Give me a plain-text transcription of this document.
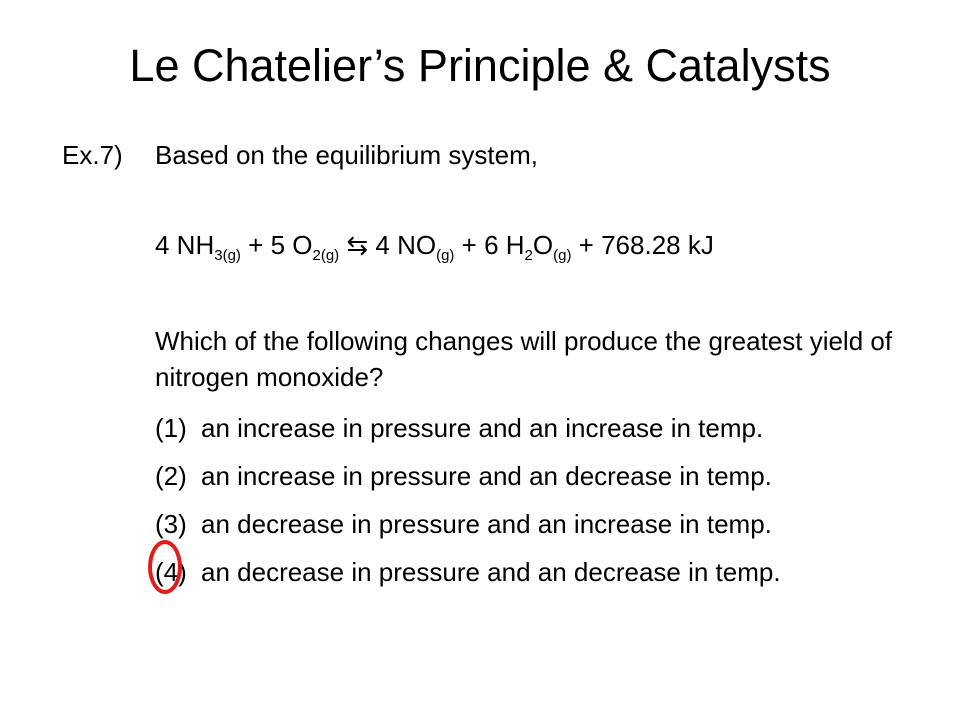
Le Chatelier’s Principle & Catalysts
Ex.7) Based on the equilibrium system,
4 $NH_{3(g)} + 5$ $O_{2(g)}$ ⇆ 4 $NO_{(g)} + 6$ $H_2O_{(g)} + 768.28$ kJ
Which of the following changes will produce the greatest yield of nitrogen monoxide?
(1) an increase in pressure and an increase in temp.
(2) an increase in pressure and an decrease in temp.
(3) an decrease in pressure and an increase in temp.
(4) an decrease in pressure and an decrease in temp.
